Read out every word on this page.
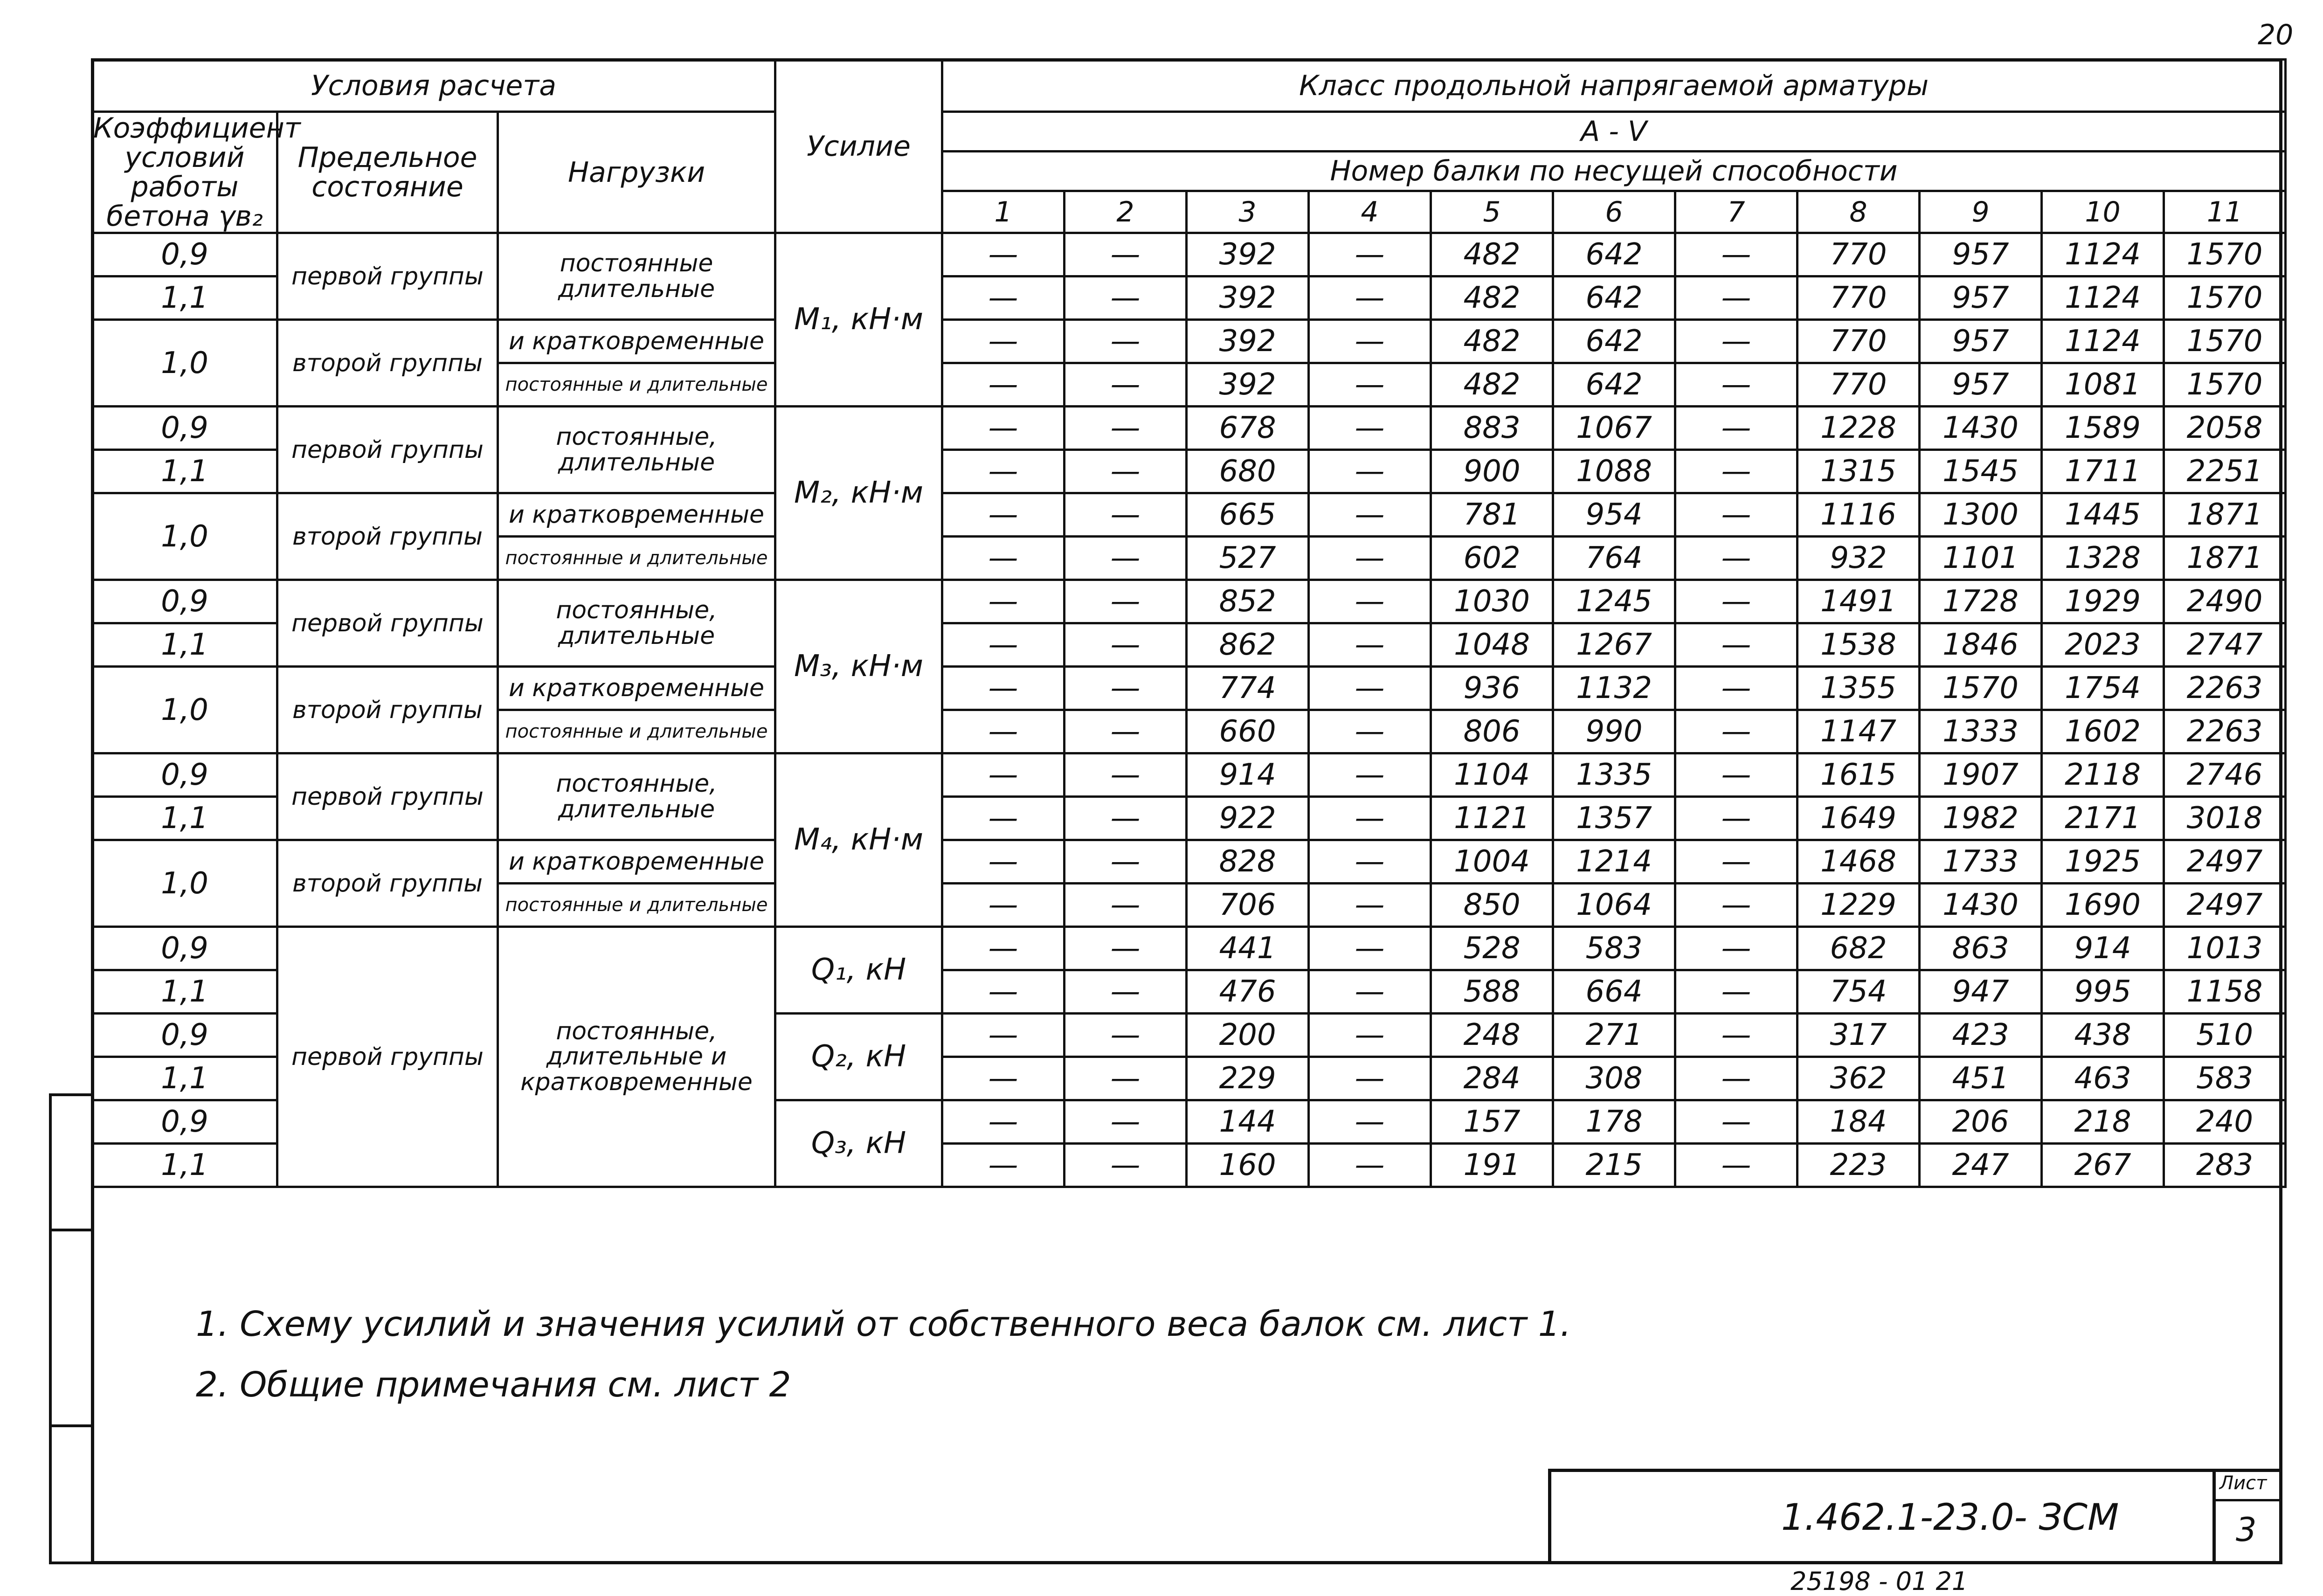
20
Условия расчета			Усилие	Класс продольной напрягаемой арматуры										
Коэффициент условий работы бетона γв₂	Предельное состояние	Нагрузки		А - V										
				Номер балки по несущей способности										
				1	2	3	4	5	6	7	8	9	10	11
0,9	первой группы	постоянные длительные	M₁, кН·м	—	—	392	—	482	642	—	770	957	1124	1570
1,1				—	—	392	—	482	642	—	770	957	1124	1570
1,0	второй группы	и кратковременные		—	—	392	—	482	642	—	770	957	1124	1570
		постоянные и длительные		—	—	392	—	482	642	—	770	957	1081	1570
0,9	первой группы	постоянные, длительные	M₂, кН·м	—	—	678	—	883	1067	—	1228	1430	1589	2058
1,1				—	—	680	—	900	1088	—	1315	1545	1711	2251
1,0	второй группы	и кратковременные		—	—	665	—	781	954	—	1116	1300	1445	1871
		постоянные и длительные		—	—	527	—	602	764	—	932	1101	1328	1871
0,9	первой группы	постоянные, длительные	M₃, кН·м	—	—	852	—	1030	1245	—	1491	1728	1929	2490
1,1				—	—	862	—	1048	1267	—	1538	1846	2023	2747
1,0	второй группы	и кратковременные		—	—	774	—	936	1132	—	1355	1570	1754	2263
		постоянные и длительные		—	—	660	—	806	990	—	1147	1333	1602	2263
0,9	первой группы	постоянные, длительные	M₄, кН·м	—	—	914	—	1104	1335	—	1615	1907	2118	2746
1,1				—	—	922	—	1121	1357	—	1649	1982	2171	3018
1,0	второй группы	и кратковременные		—	—	828	—	1004	1214	—	1468	1733	1925	2497
		постоянные и длительные		—	—	706	—	850	1064	—	1229	1430	1690	2497
0,9	первой группы	постоянные, длительные и кратковременные	Q₁, кН	—	—	441	—	528	583	—	682	863	914	1013
1,1				—	—	476	—	588	664	—	754	947	995	1158
0,9			Q₂, кН	—	—	200	—	248	271	—	317	423	438	510
1,1				—	—	229	—	284	308	—	362	451	463	583
0,9			Q₃, кН	—	—	144	—	157	178	—	184	206	218	240
1,1				—	—	160	—	191	215	—	223	247	267	283
1. Схему усилий и значения усилий от собственного веса балок см. лист 1.
2. Общие примечания см. лист 2
1.462.1-23.0- ЗСМ
Лист
3
25198 - 01 21
